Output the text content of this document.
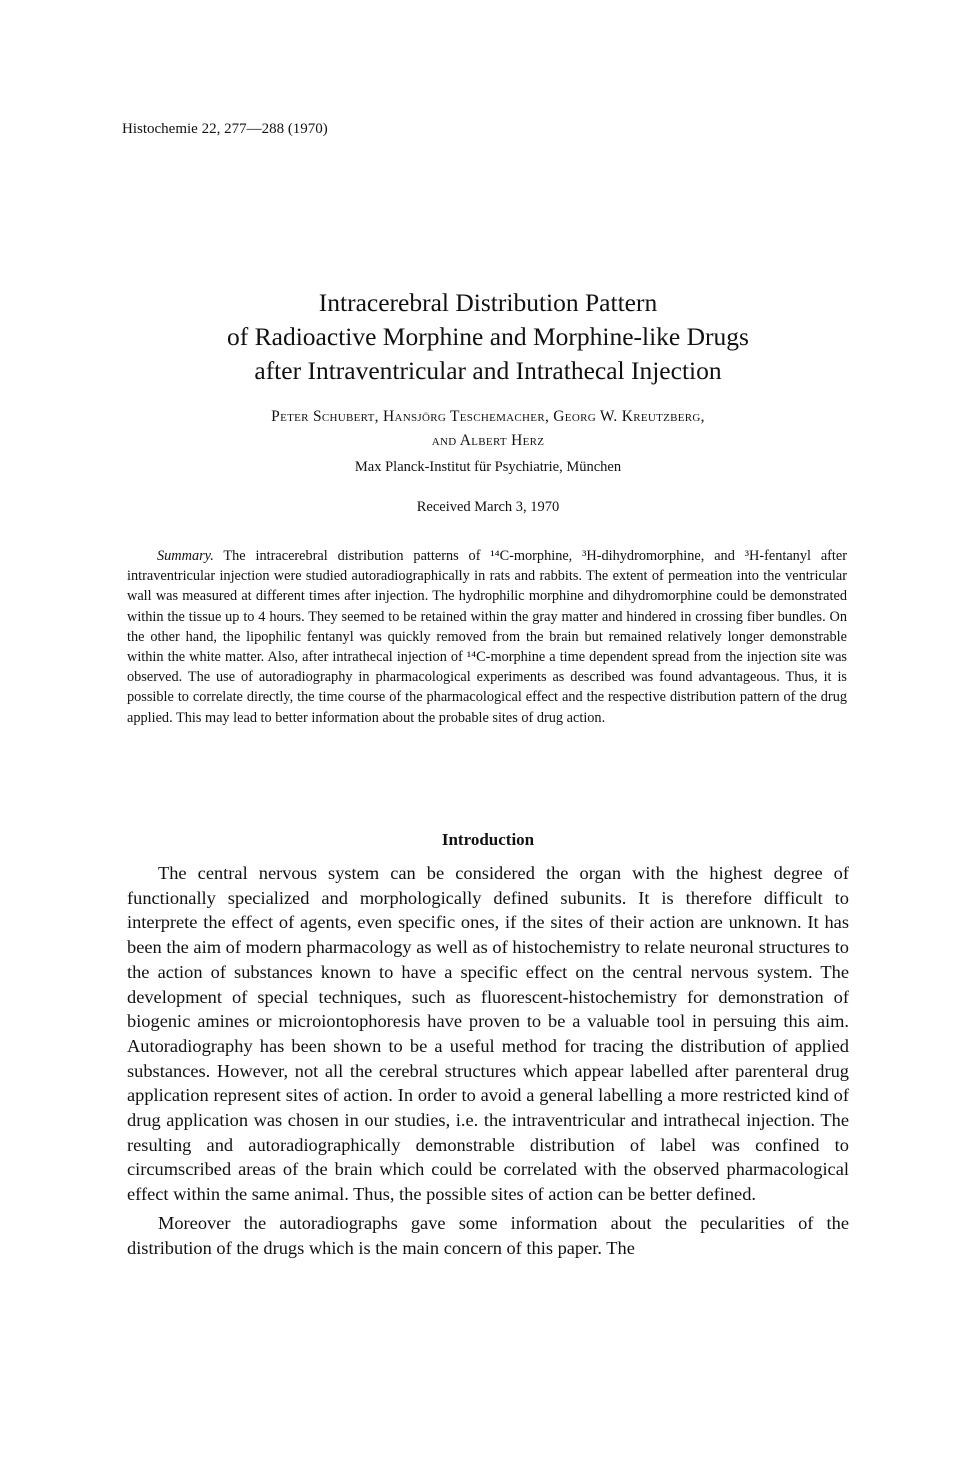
Histochemie 22, 277—288 (1970)
Intracerebral Distribution Pattern
of Radioactive Morphine and Morphine-like Drugs
after Intraventricular and Intrathecal Injection
Peter Schubert, Hansjörg Teschemacher, Georg W. Kreutzberg,
and Albert Herz
Max Planck-Institut für Psychiatrie, München
Received March 3, 1970
Summary. The intracerebral distribution patterns of ¹⁴C-morphine, ³H-dihydromorphine, and ³H-fentanyl after intraventricular injection were studied autoradiographically in rats and rabbits. The extent of permeation into the ventricular wall was measured at different times after injection. The hydrophilic morphine and dihydromorphine could be demonstrated within the tissue up to 4 hours. They seemed to be retained within the gray matter and hindered in crossing fiber bundles. On the other hand, the lipophilic fentanyl was quickly removed from the brain but remained relatively longer demonstrable within the white matter. Also, after intrathecal injection of ¹⁴C-morphine a time dependent spread from the injection site was observed. The use of autoradiography in pharmacological experiments as described was found advantageous. Thus, it is possible to correlate directly, the time course of the pharmacological effect and the respective distribution pattern of the drug applied. This may lead to better information about the probable sites of drug action.
Introduction

The central nervous system can be considered the organ with the highest degree of functionally specialized and morphologically defined subunits. It is therefore difficult to interprete the effect of agents, even specific ones, if the sites of their action are unknown. It has been the aim of modern pharmacology as well as of histochemistry to relate neuronal structures to the action of substances known to have a specific effect on the central nervous system. The development of special techniques, such as fluorescent-histochemistry for demonstration of biogenic amines or microiontophoresis have proven to be a valuable tool in persuing this aim. Autoradiography has been shown to be a useful method for tracing the distribution of applied substances. However, not all the cerebral structures which appear labelled after parenteral drug application represent sites of action. In order to avoid a general labelling a more restricted kind of drug application was chosen in our studies, i.e. the intraventricular and intrathecal injection. The resulting and autoradiographically demonstrable distribution of label was confined to circumscribed areas of the brain which could be correlated with the observed pharmacological effect within the same animal. Thus, the possible sites of action can be better defined.

Moreover the autoradiographs gave some information about the pecularities of the distribution of the drugs which is the main concern of this paper. The
